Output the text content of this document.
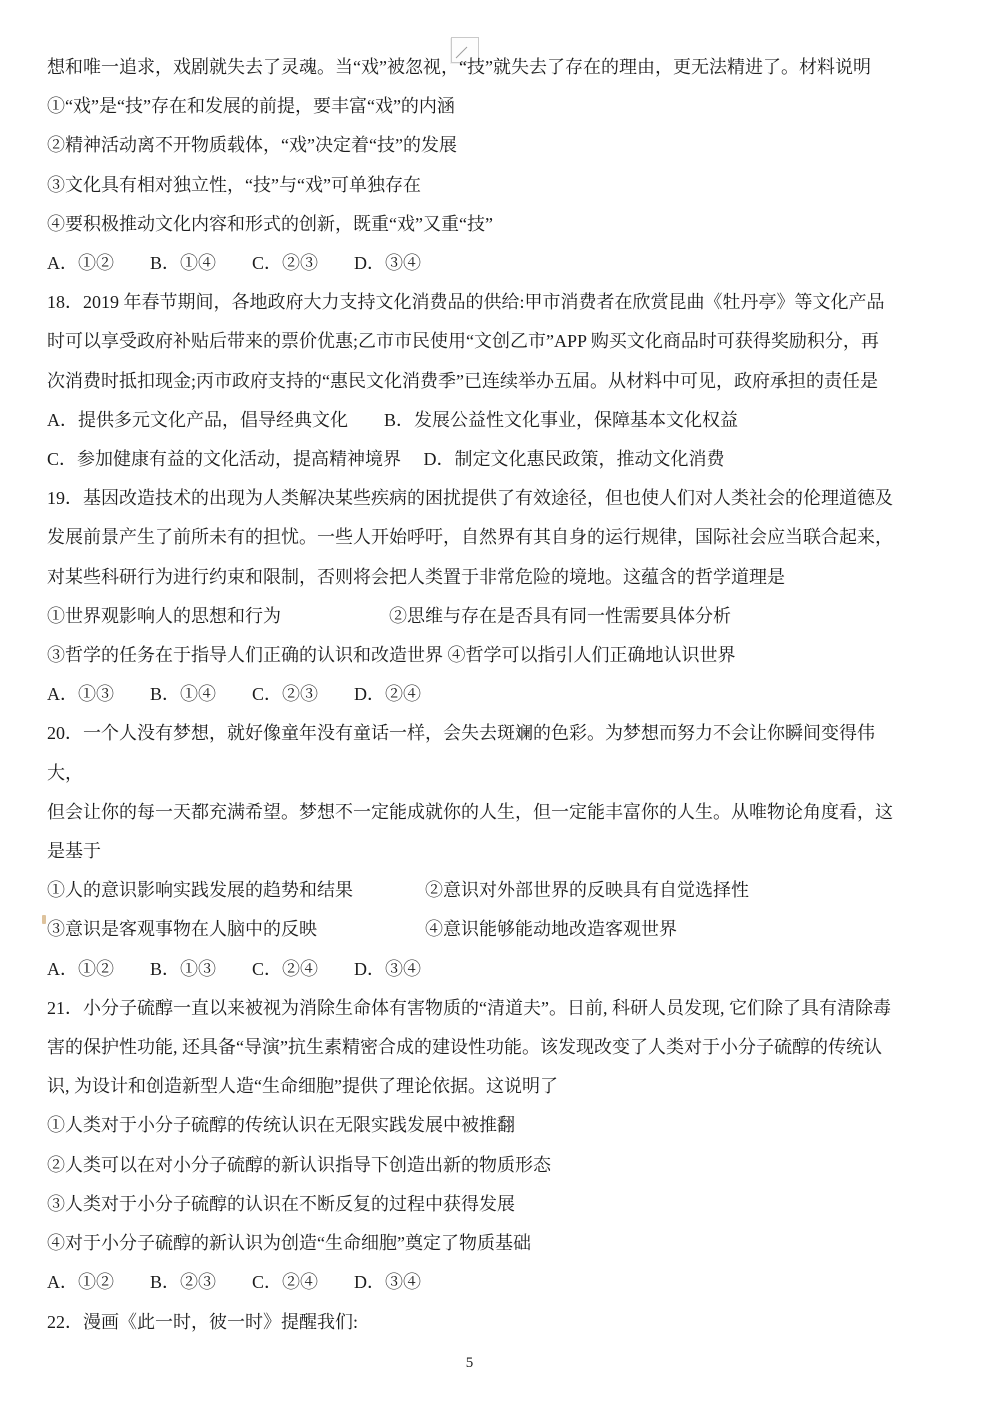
想和唯一追求，戏剧就失去了灵魂。当“戏”被忽视，“技”就失去了存在的理由，更无法精进了。材料说明
①“戏”是“技”存在和发展的前提，要丰富“戏”的内涵
②精神活动离不开物质载体，“戏”决定着“技”的发展
③文化具有相对独立性，“技”与“戏”可单独存在
④要积极推动文化内容和形式的创新，既重“戏”又重“技”
A．①②　　B．①④　　C．②③　　D．③④
18．2019 年春节期间，各地政府大力支持文化消费品的供给:甲市消费者在欣赏昆曲《牡丹亭》等文化产品
时可以享受政府补贴后带来的票价优惠;乙市市民使用“文创乙市”APP 购买文化商品时可获得奖励积分，再
次消费时抵扣现金;丙市政府支持的“惠民文化消费季”已连续举办五届。从材料中可见，政府承担的责任是
A．提供多元文化产品，倡导经典文化　　B．发展公益性文化事业，保障基本文化权益
C．参加健康有益的文化活动，提高精神境界　 D．制定文化惠民政策，推动文化消费
19．基因改造技术的出现为人类解决某些疾病的困扰提供了有效途径，但也使人们对人类社会的伦理道德及
发展前景产生了前所未有的担忧。一些人开始呼吁，自然界有其自身的运行规律，国际社会应当联合起来，
对某些科研行为进行约束和限制，否则将会把人类置于非常危险的境地。这蕴含的哲学道理是
①世界观影响人的思想和行为　　　　　　②思维与存在是否具有同一性需要具体分析
③哲学的任务在于指导人们正确的认识和改造世界 ④哲学可以指引人们正确地认识世界
A．①③　　B．①④　　C．②③　　D．②④
20．一个人没有梦想，就好像童年没有童话一样，会失去斑斓的色彩。为梦想而努力不会让你瞬间变得伟大，
但会让你的每一天都充满希望。梦想不一定能成就你的人生，但一定能丰富你的人生。从唯物论角度看，这
是基于
①人的意识影响实践发展的趋势和结果　　　　②意识对外部世界的反映具有自觉选择性
③意识是客观事物在人脑中的反映　　　　　　④意识能够能动地改造客观世界
A．①②　　B．①③　　C．②④　　D．③④
21．小分子硫醇一直以来被视为消除生命体有害物质的“清道夫”。日前, 科研人员发现, 它们除了具有清除毒
害的保护性功能, 还具备“导演”抗生素精密合成的建设性功能。该发现改变了人类对于小分子硫醇的传统认
识, 为设计和创造新型人造“生命细胞”提供了理论依据。这说明了
①人类对于小分子硫醇的传统认识在无限实践发展中被推翻
②人类可以在对小分子硫醇的新认识指导下创造出新的物质形态
③人类对于小分子硫醇的认识在不断反复的过程中获得发展
④对于小分子硫醇的新认识为创造“生命细胞”奠定了物质基础
A．①②　　B．②③　　C．②④　　D．③④
22．漫画《此一时，彼一时》提醒我们:
5
